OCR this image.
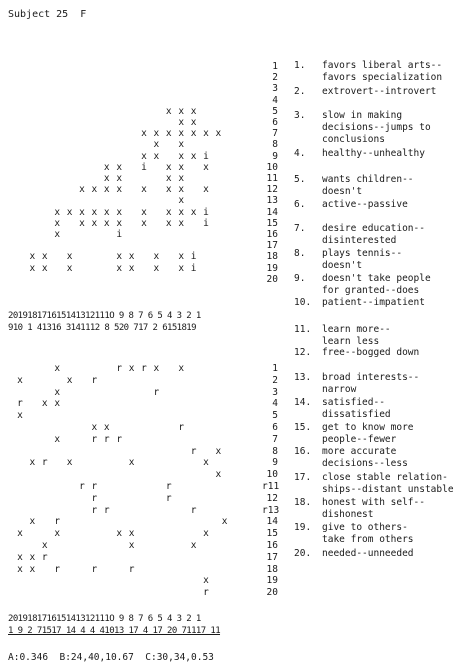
Subject 25  F
1
2
3
4
5
6
7
8
9
10
11
12
13
14
15
16
17
18
19
20
x x x
x x
x x x x x x x
x x
x x x x i
x x i x x x
x x	x x
x x x x x x x x
x
x x x x x x x x x x i
x x x x x x x x i
x	i
x x x	x x x x i
x x x	x x x x i
201918171615141312111O 9 8 7 6 5 4 3 2 1
910 1 41316 3141112 8 520 717 2 6151819
1
2
3
4
5
6
7
8
9
10
r11
12
r13
14
15
16
17
18
19
20
x	r x r x x
x	x r
x	r
r x x
x
x x	r
x	r r r
r x
x r x	x	x
x
r r	r
r	r
r r	r
x r	x
x	x	x x	x
x	x	x
x x r
x x r	r	r
x
r
201918171615141312111O 9 8 7 6 5 4 3 2 1
1 9 2 71517 14 4 4 41013 17 4 17 20 71117 11
1. favors liberal arts--
favors specialization
2. extrovert--introvert
3. slow in making
decisions--jumps to
conclusions
4. healthy--unhealthy
5. wants children--
doesn't
6. active--passive
7. desire education--
disinterested
8. plays tennis--
doesn't
9. doesn't take people
for granted--does
10. patient--impatient
11. learn more--
learn less
12. free--bogged down
13. broad interests--
narrow
14. satisfied--
dissatisfied
15. get to know more
people--fewer
16. more accurate
decisions--less
17. close stable relation-
ships--distant unstable
18. honest with self--
dishonest
19. give to others-
take from others
20. needed--unneeded
A:0.346  B:24,40,10.67  C:30,34,0.53
